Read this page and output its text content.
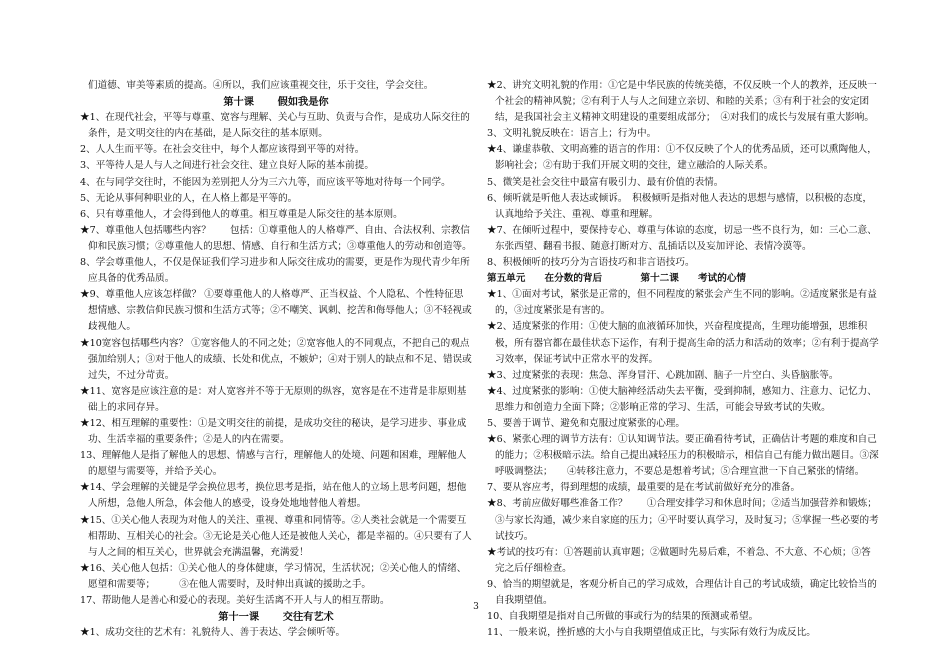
们道德、审美等素质的提高。④所以，我们应该重视交往，乐于交往，学会交往。

第十课　 假如我是你

★1、在现代社会，平等与尊重、宽容与理解、关心与互助、负责与合作，是成功人际交往的条件，是文明交往的内在基础，是人际交往的基本原则。

2、人人生而平等。在社会交往中，每个人都应该得到平等的对待。

3、平等待人是人与人之间进行社会交往、建立良好人际的基本前提。

4、在与同学交往时，不能因为差别把人分为三六九等，而应该平等地对待每一个同学。

5、无论从事何种职业的人，在人格上都是平等的。

6、只有尊重他人，才会得到他人的尊重。相互尊重是人际交往的基本原则。

★7、尊重他人包括哪些内容？　　包括：①尊重他人的人格尊严、自由、合法权利、宗教信仰和民族习惯；②尊重他人的思想、情感、自行和生活方式；③尊重他人的劳动和创造等。

8、学会尊重他人，不仅是保证我们学习进步和人际交往成功的需要，更是作为现代青少年所应具备的优秀品质。

★9、尊重他人应该怎样做？ ①要尊重他人的人格尊严、正当权益、个人隐私、个性特征思想情感、宗教信仰民族习惯和生活方式等；②不嘲笑、讽刺、挖苦和侮辱他人；③不轻视或歧视他人。

★10宽容包括哪些内容？ ①宽容他人的不同之处；②宽容他人的不同观点，不把自己的观点强加给别人；③对于他人的成绩、长处和优点，不嫉妒；④对于别人的缺点和不足、错误或过失，不过分苛责。

★11、宽容是应该注意的是：对人宽容并不等于无原则的纵容，宽容是在不违背是非原则基础上的求同存异。

★12、相互理解的重要性：①是文明交往的前提，是成功交往的秘诀，是学习进步、事业成功、生活幸福的重要条件；②是人的内在需要。

13、理解他人是指了解他人的思想、情感与言行，理解他人的处境、问题和困难，理解他人的愿望与需要等，并给予关心。

★14、学会理解的关键是学会换位思考，换位思考是指，站在他人的立场上思考问题，想他人所想，急他人所急，体会他人的感受，设身处地地替他人着想。

★15、①关心他人表现为对他人的关注、重视、尊重和同情等。②人类社会就是一个需要互相帮助、互相关心的社会。③无论是关心他人还是被他人关心，都是幸福的。④只要有了人与人之间的相互关心，世界就会充满温馨，充满爱！

★16、关心他人包括：①关心他人的身体健康，学习情况，生活状况；②关心他人的情绪、愿望和需要等；　　　③在他人需要时，及时伸出真诚的援助之手。

17、帮助他人是善心和爱心的表现。美好生活离不开人与人的相互帮助。

第十一课　 交往有艺术

★1、成功交往的艺术有：礼貌待人、善于表达、学会倾听等。

★2、讲究文明礼貌的作用：①它是中华民族的传统美德，不仅反映一个人的教养，还反映一个社会的精神风貌；②有利于人与人之间建立亲切、和睦的关系；③有利于社会的安定团结，是我国社会主义精神文明建设的重要组成部分；　④对我们的成长与发展有重大影响。

3、文明礼貌反映在：语言上；行为中。

★4、谦虚恭敬、文明高雅的语言的作用：①不仅反映了个人的优秀品质，还可以熏陶他人，影响社会；②有助于我们开展文明的交往，建立融洽的人际关系。

5、微笑是社会交往中最富有吸引力、最有价值的表情。

6、倾听就是听他人表达或倾诉。　积极倾听是指对他人表达的思想与感情，以积极的态度，认真地给予关注、重视、尊重和理解。

★7、在倾听过程中，要保持专心、尊重与体谅的态度，切忌一些不良行为，如：三心二意、东张西望、翻看书报、随意打断对方、乱插话以及妄加评论、表情冷漠等。

8、积极倾听的技巧分为言语技巧和非言语技巧。

第五单元　　在分数的背后　　　　第十二课　　考试的心情

★1、①面对考试，紧张是正常的，但不同程度的紧张会产生不同的影响。②适度紧张是有益的，③过度紧张是有害的。

★2、适度紧张的作用：①使大脑的血液循环加快，兴奋程度提高，生理功能增强，思维积极，所有器官都在最佳状态下运作，有利于提高生命的活力和活动的效率；②有利于提高学习效率，保证考试中正常水平的发挥。

★3、过度紧张的表现：焦急、浑身冒汗、心跳加剧、脑子一片空白、头昏脑胀等。

★4、过度紧张的影响：①使大脑神经活动失去平衡，受到抑制，感知力、注意力、记忆力、思维力和创造力全面下降；②影响正常的学习、生活，可能会导致考试的失败。

5、要善于调节、避免和克服过度紧张的心理。

★6、紧张心理的调节方法有：①认知调节法。要正确看待考试，正确估计考题的难度和自己的能力；②积极暗示法。给自己提出减轻压力的积极暗示，相信自己有能力做出题目。③深呼吸调整法；　　④转移注意力，不要总是想着考试；⑤合理宣泄一下自己紧张的情绪。

7、要从容应考，得到理想的成绩，最重要的是在考试前做好充分的准备。

★8、考前应做好哪些准备工作？　　①合理安排学习和休息时间；②适当加强营养和锻炼；③与家长沟通，减少来自家庭的压力；④平时要认真学习，及时复习；⑤掌握一些必要的考试技巧。

★考试的技巧有：①答题前认真审题；②做题时先易后难，不着急、不大意、不心烦；③答完之后仔细检查。

9、恰当的期望就是，客观分析自己的学习成效，合理估计自己的考试成绩，确定比较恰当的自我期望值。

10、自我期望是指对自己所做的事或行为的结果的预测或希望。

11、一般来说，挫折感的大小与自我期望值成正比，与实际有效行为成反比。

3
